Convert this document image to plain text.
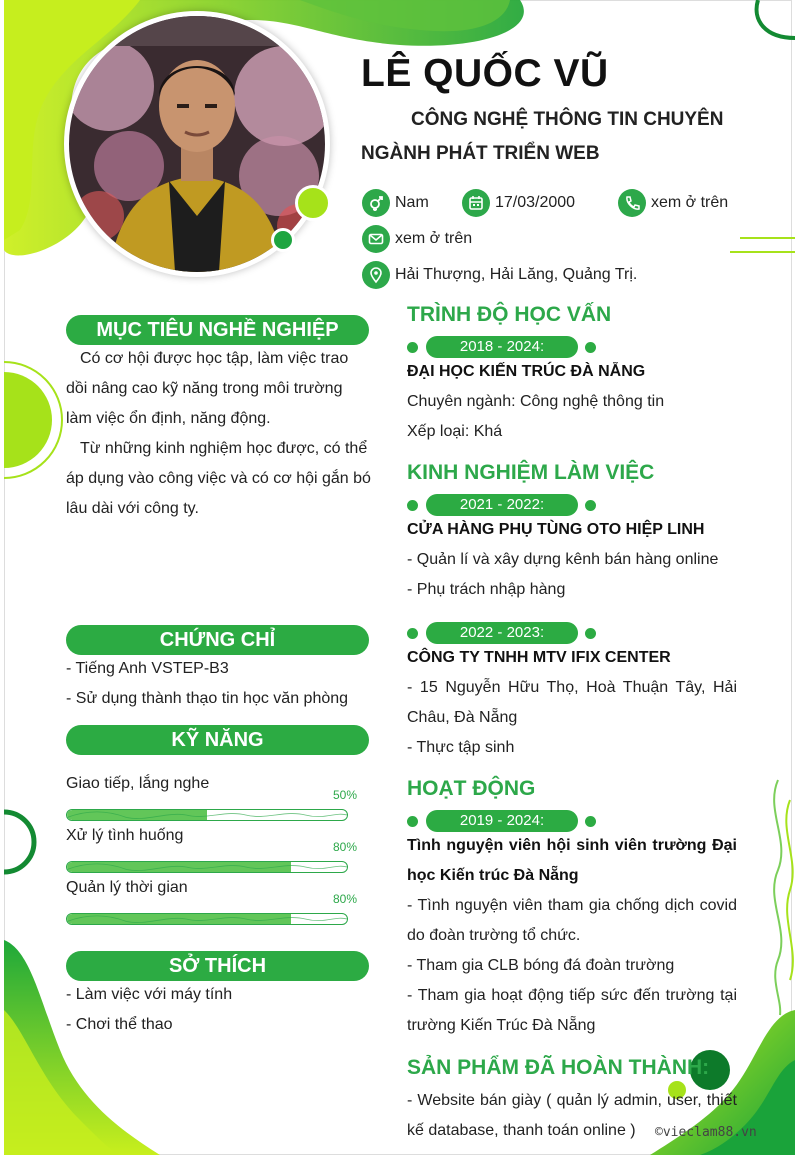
LÊ QUỐC VŨ
CÔNG NGHỆ THÔNG TIN CHUYÊN
NGÀNH PHÁT TRIỂN WEB
Nam	17/03/2000	xem ở trên
xem ở trên
Hải Thượng, Hải Lăng, Quảng Trị.
MỤC TIÊU NGHỀ NGHIỆP
Có cơ hội được học tập, làm việc trao dồi nâng cao kỹ năng trong môi trường làm việc ổn định, năng động.
Từ những kinh nghiệm học được, có thể áp dụng vào công việc và có cơ hội gắn bó lâu dài với công ty.
CHỨNG CHỈ
- Tiếng Anh VSTEP-B3
- Sử dụng thành thạo tin học văn phòng
KỸ NĂNG
Giao tiếp, lắng nghe
50%
Xử lý tình huống
80%
Quản lý thời gian
80%
SỞ THÍCH
- Làm việc với máy tính
- Chơi thể thao
TRÌNH ĐỘ HỌC VẤN
2018 - 2024:
ĐẠI HỌC KIẾN TRÚC ĐÀ NẴNG
Chuyên ngành: Công nghệ thông tin
Xếp loại: Khá
KINH NGHIỆM LÀM VIỆC
2021 - 2022:
CỬA HÀNG PHỤ TÙNG OTO HIỆP LINH
- Quản lí và xây dựng kênh bán hàng online
- Phụ trách nhập hàng
2022 - 2023:
CÔNG TY TNHH MTV IFIX CENTER
- 15 Nguyễn Hữu Thọ, Hoà Thuận Tây, Hải Châu, Đà Nẵng
- Thực tập sinh
HOẠT ĐỘNG
2019 - 2024:
Tình nguyện viên hội sinh viên trường Đại học Kiến trúc Đà Nẵng
- Tình nguyện viên tham gia chống dịch covid do đoàn trường tổ chức.
- Tham gia CLB bóng đá đoàn trường
- Tham gia hoạt động tiếp sức đến trường tại trường Kiến Trúc Đà Nẵng
SẢN PHẨM ĐÃ HOÀN THÀNH:
- Website bán giày ( quản lý admin, user, thiết kế database, thanh toán online )	©vieclam88.vn
